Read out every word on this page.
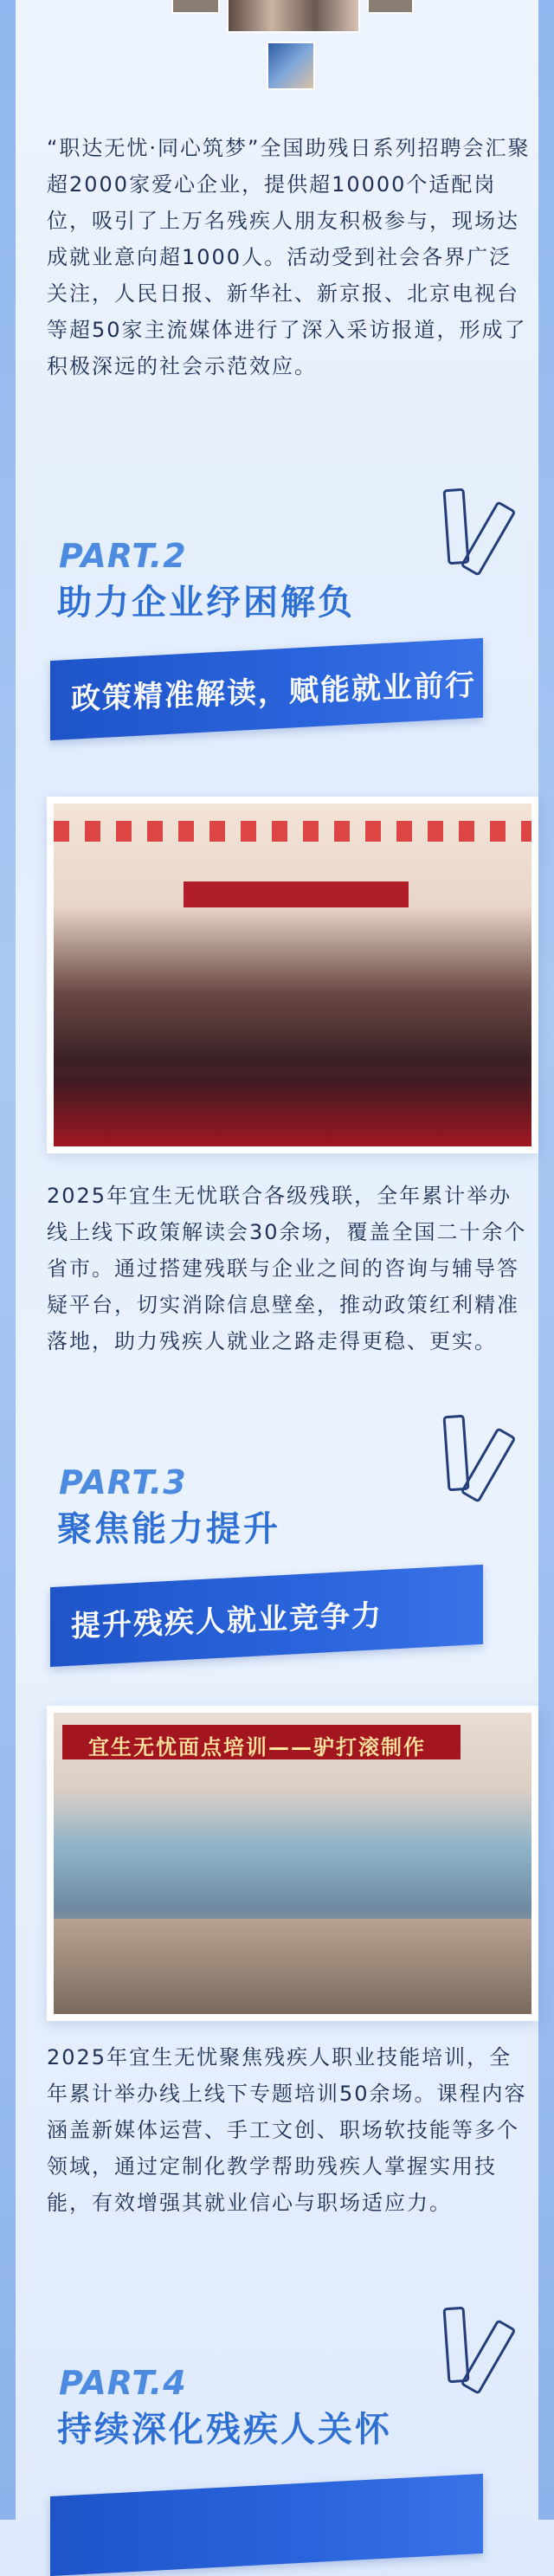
“职达无忧·同心筑梦”全国助残日系列招聘会汇聚超2000家爱心企业，提供超10000个适配岗位，吸引了上万名残疾人朋友积极参与，现场达成就业意向超1000人。活动受到社会各界广泛关注，人民日报、新华社、新京报、北京电视台等超50家主流媒体进行了深入采访报道，形成了积极深远的社会示范效应。

PART.2
助力企业纾困解负
政策精准解读，赋能就业前行

2025年宜生无忧联合各级残联，全年累计举办线上线下政策解读会30余场，覆盖全国二十余个省市。通过搭建残联与企业之间的咨询与辅导答疑平台，切实消除信息壁垒，推动政策红利精准落地，助力残疾人就业之路走得更稳、更实。

PART.3
聚焦能力提升
提升残疾人就业竞争力
宜生无忧面点培训——驴打滚制作

2025年宜生无忧聚焦残疾人职业技能培训，全年累计举办线上线下专题培训50余场。课程内容涵盖新媒体运营、手工文创、职场软技能等多个领域，通过定制化教学帮助残疾人掌握实用技能，有效增强其就业信心与职场适应力。

PART.4
持续深化残疾人关怀
